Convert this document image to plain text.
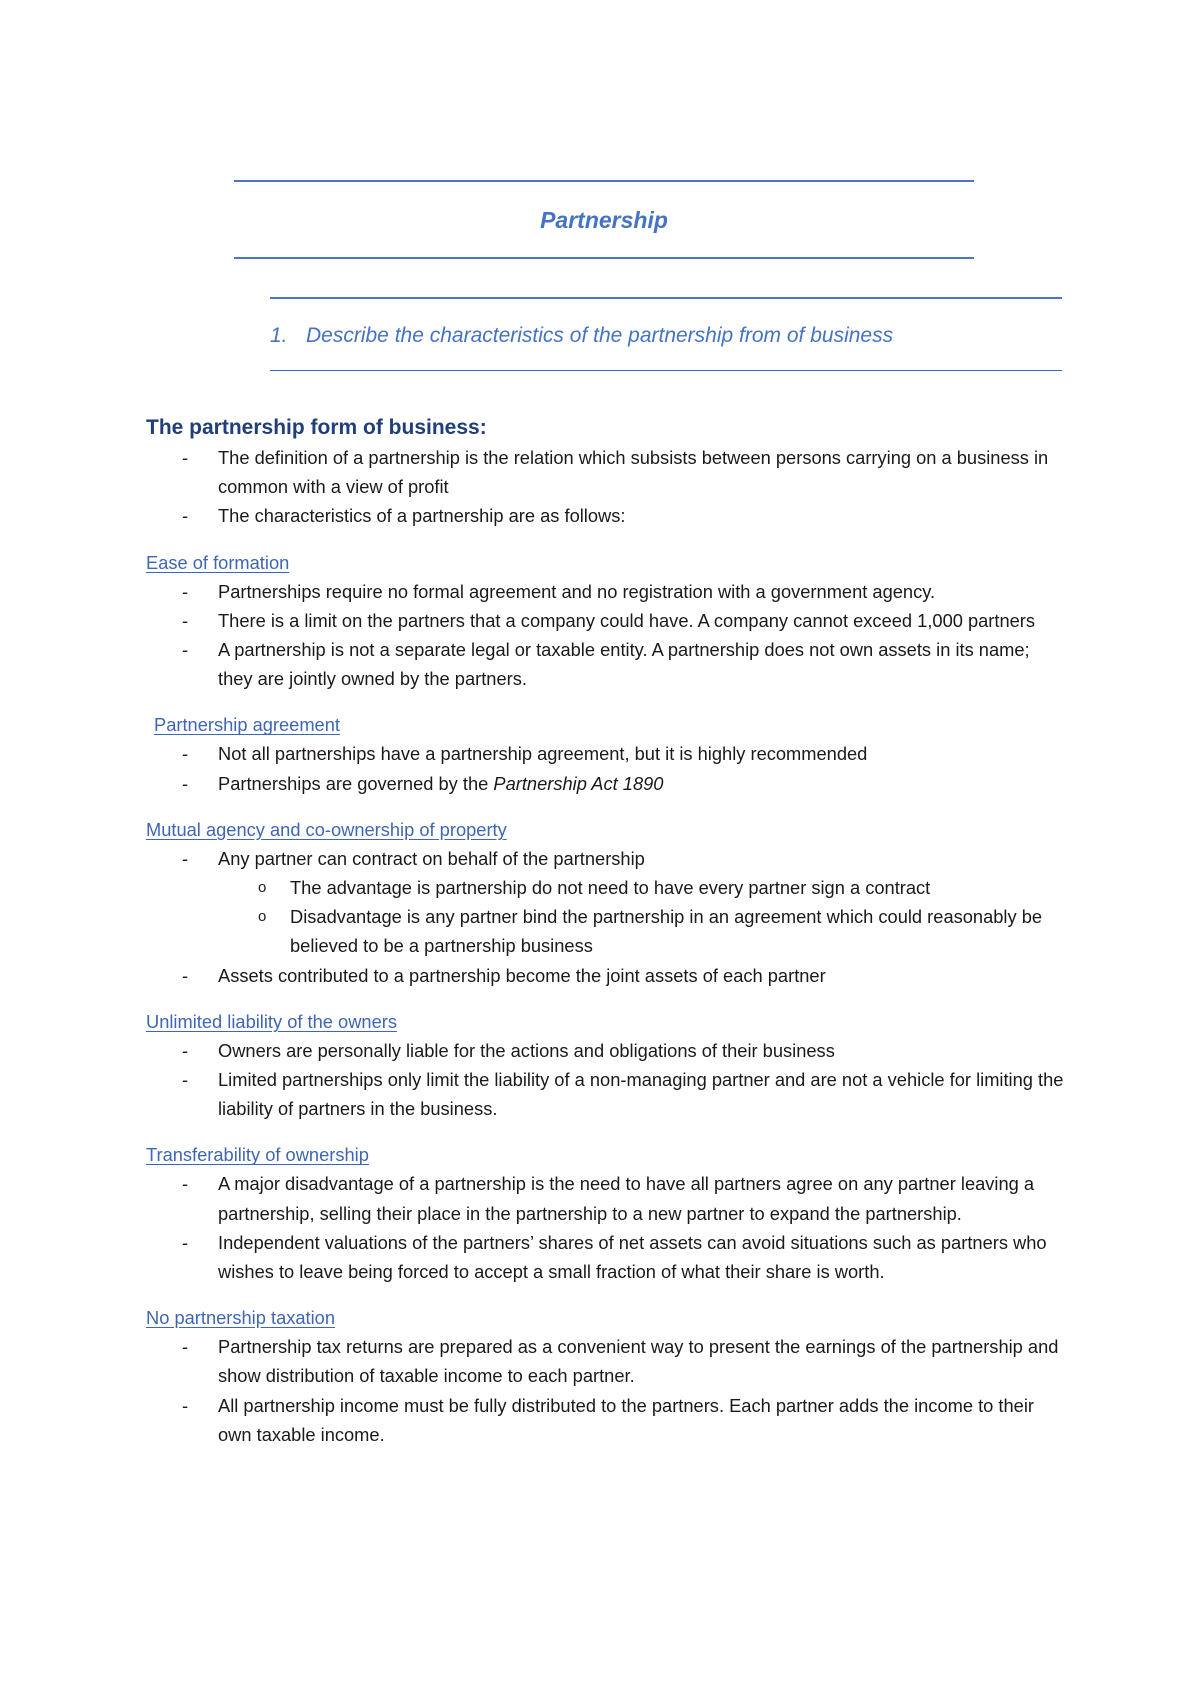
Partnership
1. Describe the characteristics of the partnership from of business
The partnership form of business:
- The definition of a partnership is the relation which subsists between persons carrying on a business in common with a view of profit
- The characteristics of a partnership are as follows:
Ease of formation
- Partnerships require no formal agreement and no registration with a government agency.
- There is a limit on the partners that a company could have. A company cannot exceed 1,000 partners
- A partnership is not a separate legal or taxable entity. A partnership does not own assets in its name; they are jointly owned by the partners.
Partnership agreement
- Not all partnerships have a partnership agreement, but it is highly recommended
- Partnerships are governed by the Partnership Act 1890
Mutual agency and co-ownership of property
- Any partner can contract on behalf of the partnership
o The advantage is partnership do not need to have every partner sign a contract
o Disadvantage is any partner bind the partnership in an agreement which could reasonably be believed to be a partnership business
- Assets contributed to a partnership become the joint assets of each partner
Unlimited liability of the owners
- Owners are personally liable for the actions and obligations of their business
- Limited partnerships only limit the liability of a non-managing partner and are not a vehicle for limiting the liability of partners in the business.
Transferability of ownership
- A major disadvantage of a partnership is the need to have all partners agree on any partner leaving a partnership, selling their place in the partnership to a new partner to expand the partnership.
- Independent valuations of the partners’ shares of net assets can avoid situations such as partners who wishes to leave being forced to accept a small fraction of what their share is worth.
No partnership taxation
- Partnership tax returns are prepared as a convenient way to present the earnings of the partnership and show distribution of taxable income to each partner.
- All partnership income must be fully distributed to the partners. Each partner adds the income to their own taxable income.
